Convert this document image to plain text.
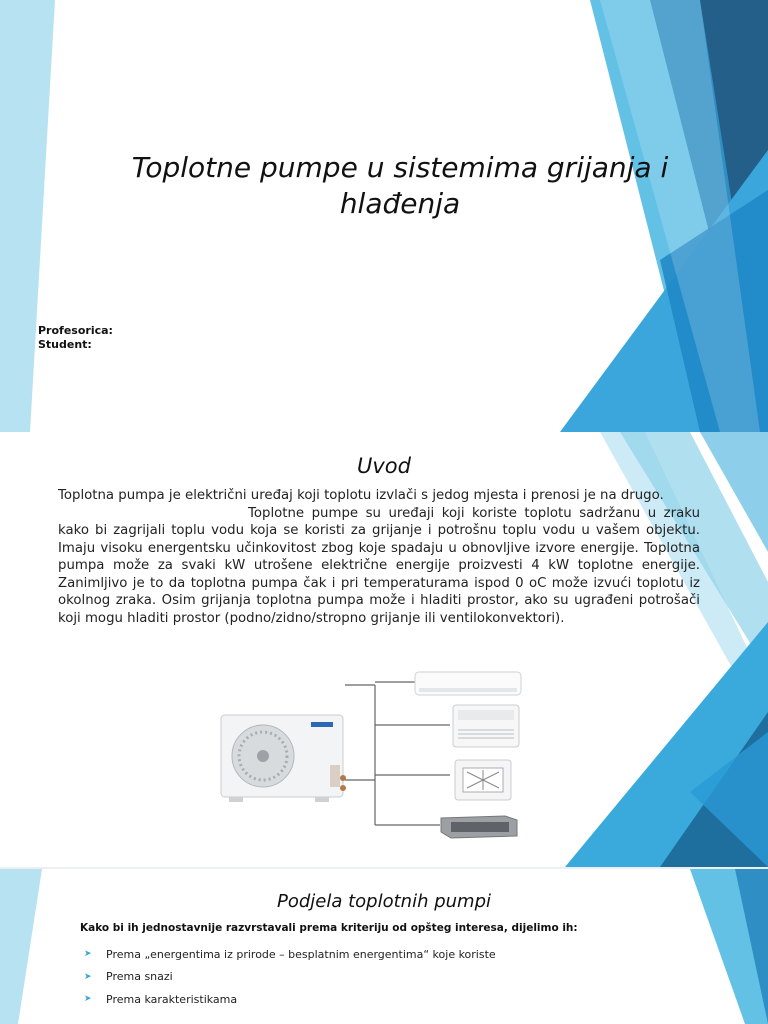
Toplotne pumpe u sistemima grijanja i hlađenja
Profesorica:
Student:
Uvod

Toplotna pumpa je električni uređaj koji toplotu izvlači s jedog mjesta i prenosi je na drugo.
Toplotne pumpe su uređaji koji koriste toplotu sadržanu u zraku kako bi zagrijali toplu vodu koja se koristi za grijanje i potrošnu toplu vodu u vašem objektu. Imaju visoku energentsku učinkovitost zbog koje spadaju u obnovljive izvore energije. Toplotna pumpa može za svaki kW utrošene električne energije proizvesti 4 kW toplotne energije. Zanimljivo je to da toplotna pumpa čak i pri temperaturama ispod 0 oC može izvući toplotu iz okolnog zraka. Osim grijanja toplotna pumpa može i hladiti prostor, ako su ugrađeni potrošači koji mogu hladiti prostor (podno/zidno/stropno grijanje ili ventilokonvektori).

Podjela toplotnih pumpi
Kako bi ih jednostavnije razvrstavali prema kriteriju od opšteg interesa, dijelimo ih:
➤	Prema „energentima iz prirode – besplatnim energentima“ koje koriste
➤	Prema snazi
➤	Prema karakteristikama
